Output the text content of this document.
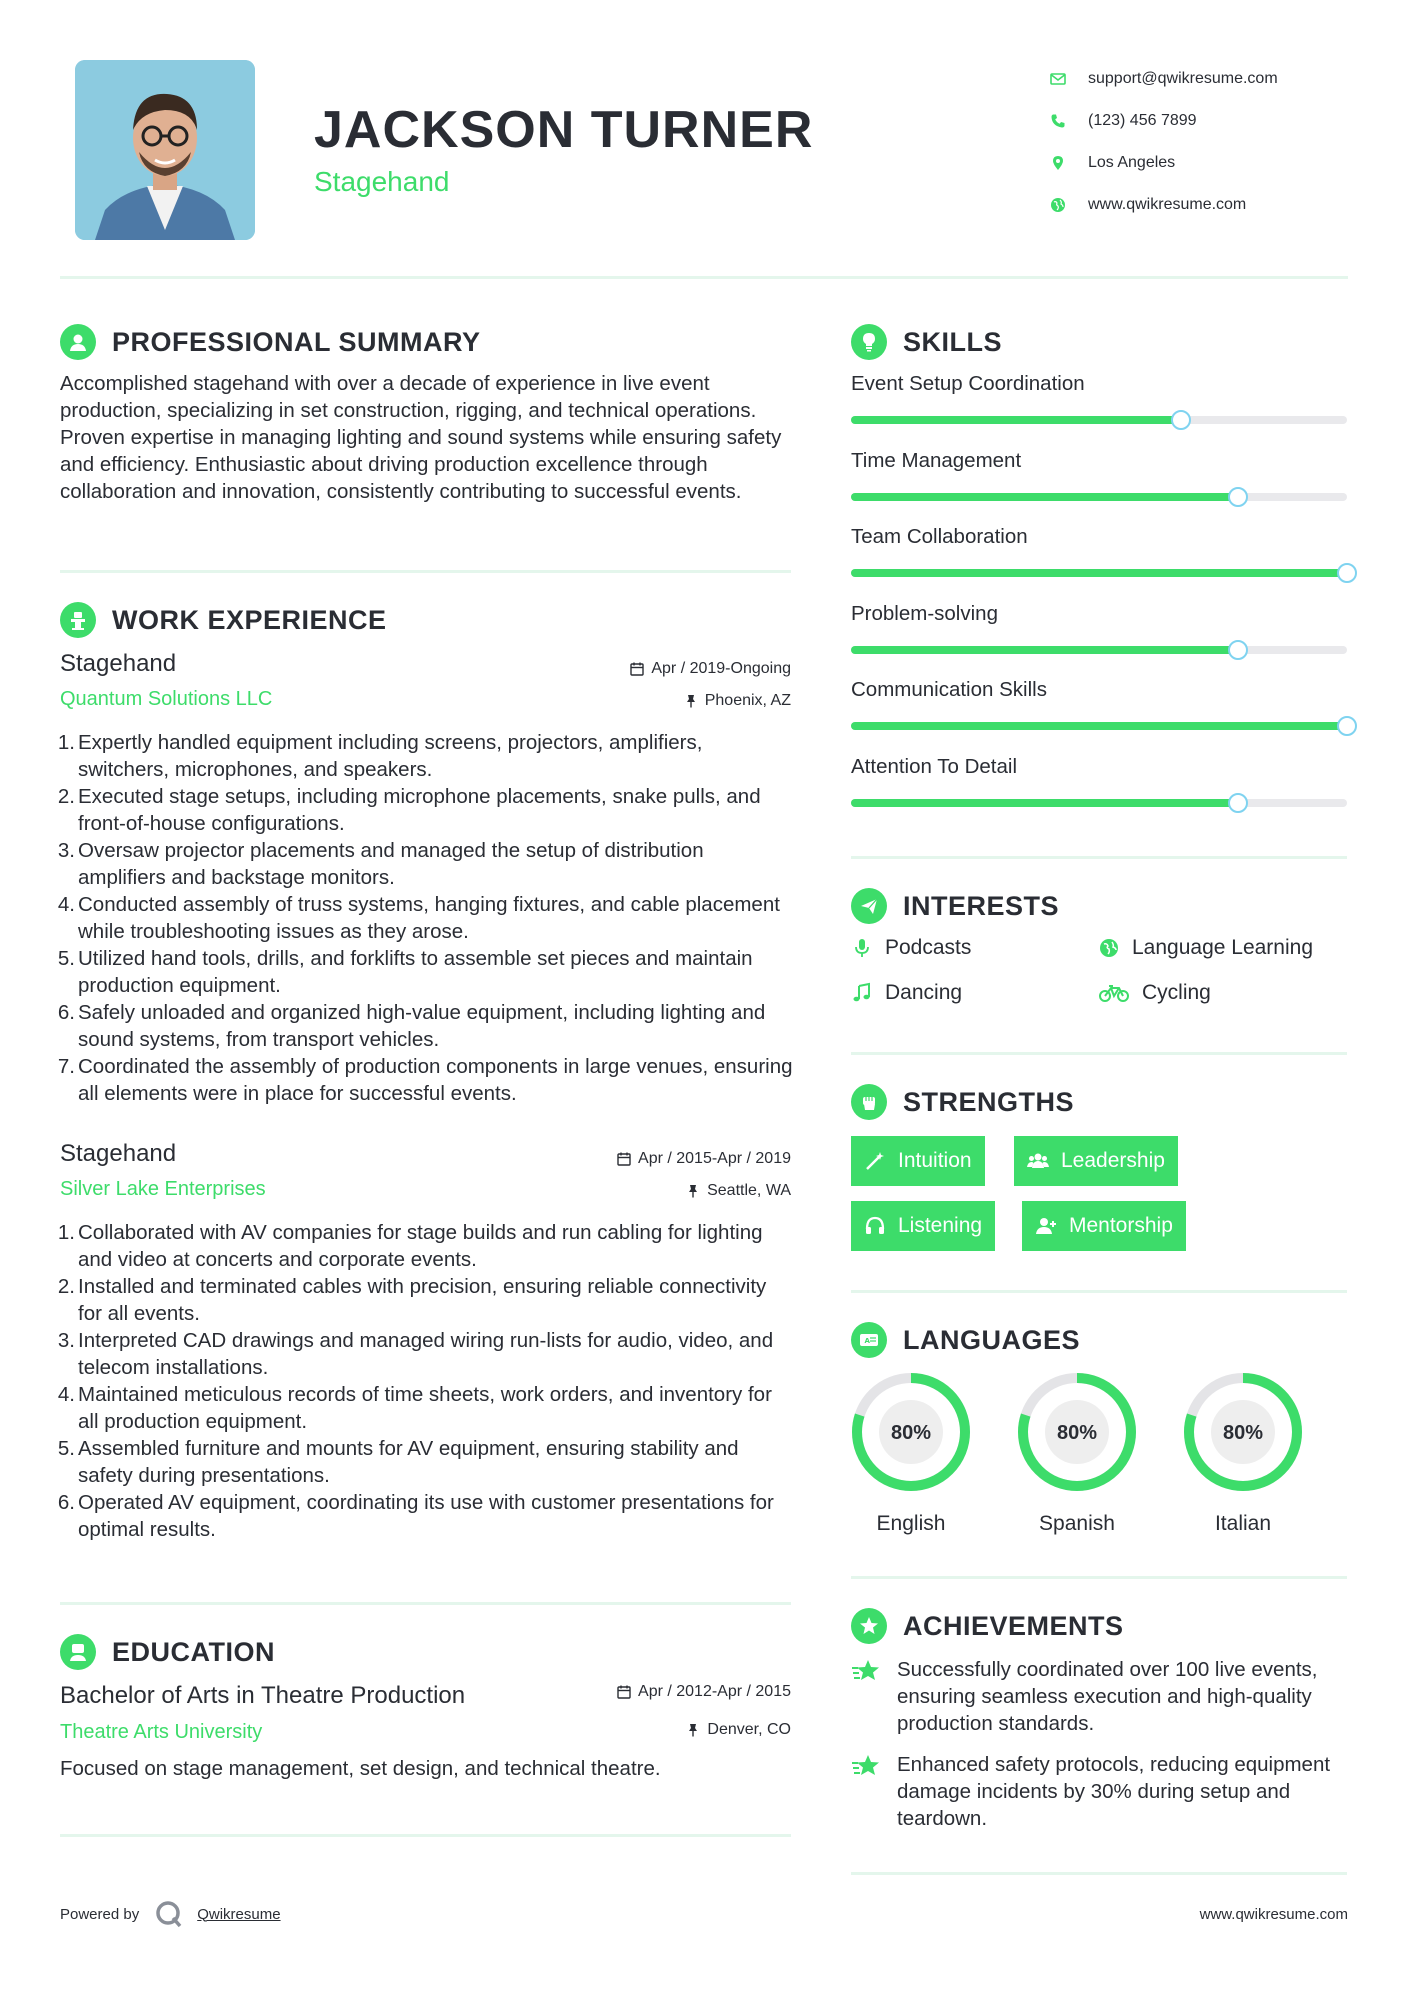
JACKSON TURNER
Stagehand
support@qwikresume.com
(123) 456 7899
Los Angeles
www.qwikresume.com
PROFESSIONAL SUMMARY
Accomplished stagehand with over a decade of experience in live event production, specializing in set construction, rigging, and technical operations. Proven expertise in managing lighting and sound systems while ensuring safety and efficiency. Enthusiastic about driving production excellence through collaboration and innovation, consistently contributing to successful events.
WORK EXPERIENCE
Stagehand	Apr / 2019-Ongoing
Quantum Solutions LLC	Phoenix, AZ
1. Expertly handled equipment including screens, projectors, amplifiers, switchers, microphones, and speakers.
2. Executed stage setups, including microphone placements, snake pulls, and front-of-house configurations.
3. Oversaw projector placements and managed the setup of distribution amplifiers and backstage monitors.
4. Conducted assembly of truss systems, hanging fixtures, and cable placement while troubleshooting issues as they arose.
5. Utilized hand tools, drills, and forklifts to assemble set pieces and maintain production equipment.
6. Safely unloaded and organized high-value equipment, including lighting and sound systems, from transport vehicles.
7. Coordinated the assembly of production components in large venues, ensuring all elements were in place for successful events.
Stagehand	Apr / 2015-Apr / 2019
Silver Lake Enterprises	Seattle, WA
1. Collaborated with AV companies for stage builds and run cabling for lighting and video at concerts and corporate events.
2. Installed and terminated cables with precision, ensuring reliable connectivity for all events.
3. Interpreted CAD drawings and managed wiring run-lists for audio, video, and telecom installations.
4. Maintained meticulous records of time sheets, work orders, and inventory for all production equipment.
5. Assembled furniture and mounts for AV equipment, ensuring stability and safety during presentations.
6. Operated AV equipment, coordinating its use with customer presentations for optimal results.
EDUCATION
Bachelor of Arts in Theatre Production	Apr / 2012-Apr / 2015
Theatre Arts University	Denver, CO
Focused on stage management, set design, and technical theatre.
SKILLS
Event Setup Coordination
Time Management
Team Collaboration
Problem-solving
Communication Skills
Attention To Detail
INTERESTS
Podcasts	Language Learning
Dancing	Cycling
STRENGTHS
Intuition	Leadership
Listening	Mentorship
A LANGUAGES
80%
English
80%
Spanish
80%
Italian
ACHIEVEMENTS
Successfully coordinated over 100 live events, ensuring seamless execution and high-quality production standards.
Enhanced safety protocols, reducing equipment damage incidents by 30% during setup and teardown.
Powered by	Qwikresume	www.qwikresume.com
